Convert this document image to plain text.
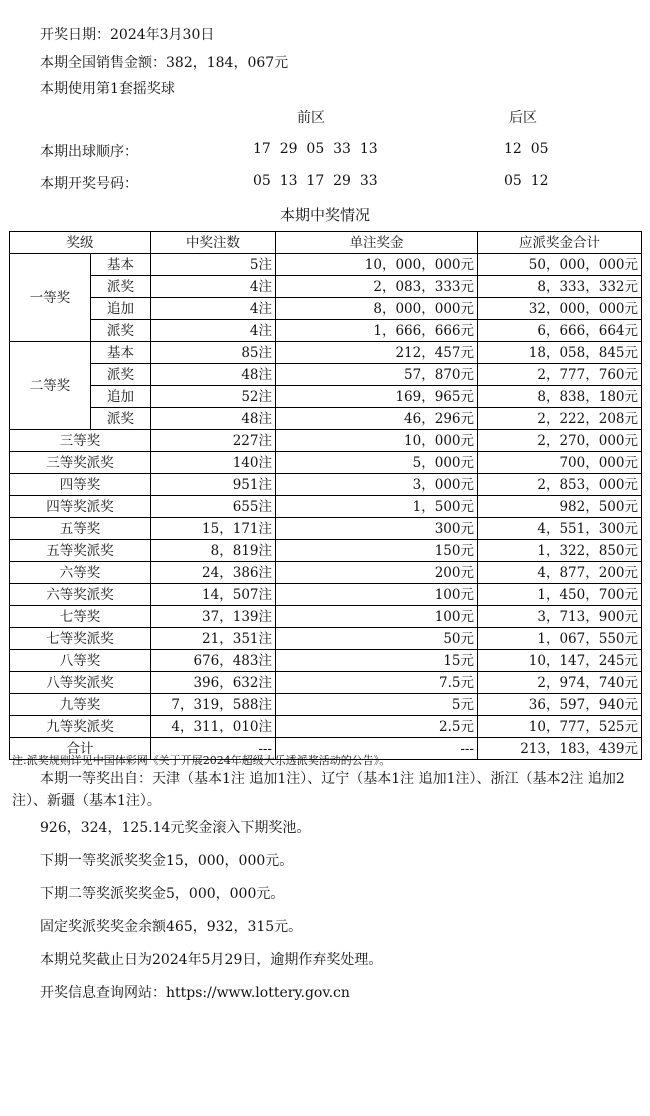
开奖日期：2024年3月30日
本期全国销售金额：382，184，067元
本期使用第1套摇奖球
前区	后区
本期出球顺序：	17  29  05  33  13	12  05
本期开奖号码：	05  13  17  29  33	05  12
本期中奖情况
奖级		中奖注数	单注奖金	应派奖金合计
一等奖	基本	5注	10，000，000元	50，000，000元
	派奖	4注	2，083，333元	8，333，332元
	追加	4注	8，000，000元	32，000，000元
	派奖	4注	1，666，666元	6，666，664元
二等奖	基本	85注	212，457元	18，058，845元
	派奖	48注	57，870元	2，777，760元
	追加	52注	169，965元	8，838，180元
	派奖	48注	46，296元	2，222，208元
三等奖		227注	10，000元	2，270，000元
三等奖派奖		140注	5，000元	700，000元
四等奖		951注	3，000元	2，853，000元
四等奖派奖		655注	1，500元	982，500元
五等奖		15，171注	300元	4，551，300元
五等奖派奖		8，819注	150元	1，322，850元
六等奖		24，386注	200元	4，877，200元
六等奖派奖		14，507注	100元	1，450，700元
七等奖		37，139注	100元	3，713，900元
七等奖派奖		21，351注	50元	1，067，550元
八等奖		676，483注	15元	10，147，245元
八等奖派奖		396，632注	7.5元	2，974，740元
九等奖		7，319，588注	5元	36，597，940元
九等奖派奖		4，311，010注	2.5元	10，777，525元
合计		---	---	213，183，439元
注:派奖规则详见中国体彩网《关于开展2024年超级大乐透派奖活动的公告》。
本期一等奖出自：天津（基本1注 追加1注）、辽宁（基本1注 追加1注）、浙江（基本2注 追加2注）、新疆（基本1注）。
926，324，125.14元奖金滚入下期奖池。
下期一等奖派奖奖金15，000，000元。
下期二等奖派奖奖金5，000，000元。
固定奖派奖奖金余额465，932，315元。
本期兑奖截止日为2024年5月29日，逾期作弃奖处理。
开奖信息查询网站：https://www.lottery.gov.cn
